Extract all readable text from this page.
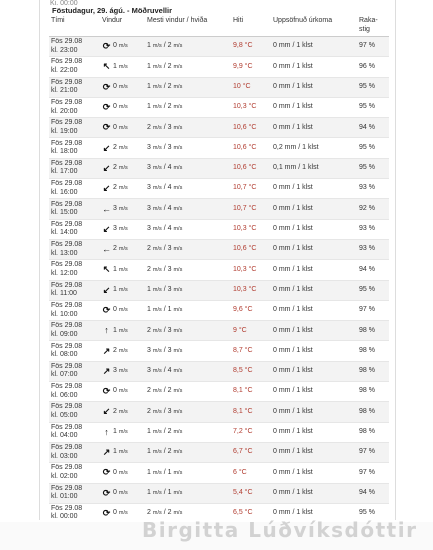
Ki. 00:00
Föstudagur, 29. ágú. - Möðruvellir
Tími	Vindur	Mesti vindur / hviða	Hiti	Uppsöfnuð úrkoma	Raka-stig
Fös 29.08
kl. 23:00	⟳ 0 m/s	1 m/s / 2 m/s	9,8 °C	0 mm / 1 klst	97 %
Fös 29.08
kl. 22:00	↖ 1 m/s	1 m/s / 2 m/s	9,9 °C	0 mm / 1 klst	96 %
Fös 29.08
kl. 21:00	⟳ 0 m/s	1 m/s / 2 m/s	10 °C	0 mm / 1 klst	95 %
Fös 29.08
kl. 20:00	⟳ 0 m/s	1 m/s / 2 m/s	10,3 °C	0 mm / 1 klst	95 %
Fös 29.08
kl. 19:00	⟳ 0 m/s	2 m/s / 3 m/s	10,6 °C	0 mm / 1 klst	94 %
Fös 29.08
kl. 18:00	↙ 2 m/s	3 m/s / 3 m/s	10,6 °C	0,2 mm / 1 klst	95 %
Fös 29.08
kl. 17:00	↙ 2 m/s	3 m/s / 4 m/s	10,6 °C	0,1 mm / 1 klst	95 %
Fös 29.08
kl. 16:00	↙ 2 m/s	3 m/s / 4 m/s	10,7 °C	0 mm / 1 klst	93 %
Fös 29.08
kl. 15:00	← 3 m/s	3 m/s / 4 m/s	10,7 °C	0 mm / 1 klst	92 %
Fös 29.08
kl. 14:00	↙ 3 m/s	3 m/s / 4 m/s	10,3 °C	0 mm / 1 klst	93 %
Fös 29.08
kl. 13:00	← 2 m/s	2 m/s / 3 m/s	10,6 °C	0 mm / 1 klst	93 %
Fös 29.08
kl. 12:00	↖ 1 m/s	2 m/s / 3 m/s	10,3 °C	0 mm / 1 klst	94 %
Fös 29.08
kl. 11:00	↙ 1 m/s	1 m/s / 3 m/s	10,3 °C	0 mm / 1 klst	95 %
Fös 29.08
kl. 10:00	⟳ 0 m/s	1 m/s / 1 m/s	9,6 °C	0 mm / 1 klst	97 %
Fös 29.08
kl. 09:00	↑ 1 m/s	2 m/s / 3 m/s	9 °C	0 mm / 1 klst	98 %
Fös 29.08
kl. 08:00	↗ 2 m/s	3 m/s / 3 m/s	8,7 °C	0 mm / 1 klst	98 %
Fös 29.08
kl. 07:00	↗ 3 m/s	3 m/s / 4 m/s	8,5 °C	0 mm / 1 klst	98 %
Fös 29.08
kl. 06:00	⟳ 0 m/s	2 m/s / 2 m/s	8,1 °C	0 mm / 1 klst	98 %
Fös 29.08
kl. 05:00	↙ 2 m/s	2 m/s / 3 m/s	8,1 °C	0 mm / 1 klst	98 %
Fös 29.08
kl. 04:00	↑ 1 m/s	1 m/s / 2 m/s	7,2 °C	0 mm / 1 klst	98 %
Fös 29.08
kl. 03:00	↗ 1 m/s	1 m/s / 2 m/s	6,7 °C	0 mm / 1 klst	97 %
Fös 29.08
kl. 02:00	⟳ 0 m/s	1 m/s / 1 m/s	6 °C	0 mm / 1 klst	97 %
Fös 29.08
kl. 01:00	⟳ 0 m/s	1 m/s / 1 m/s	5,4 °C	0 mm / 1 klst	94 %
Fös 29.08
kl. 00:00	⟳ 0 m/s	2 m/s / 2 m/s	6,5 °C	0 mm / 1 klst	95 %
Birgitta Lúðvíksdóttir
